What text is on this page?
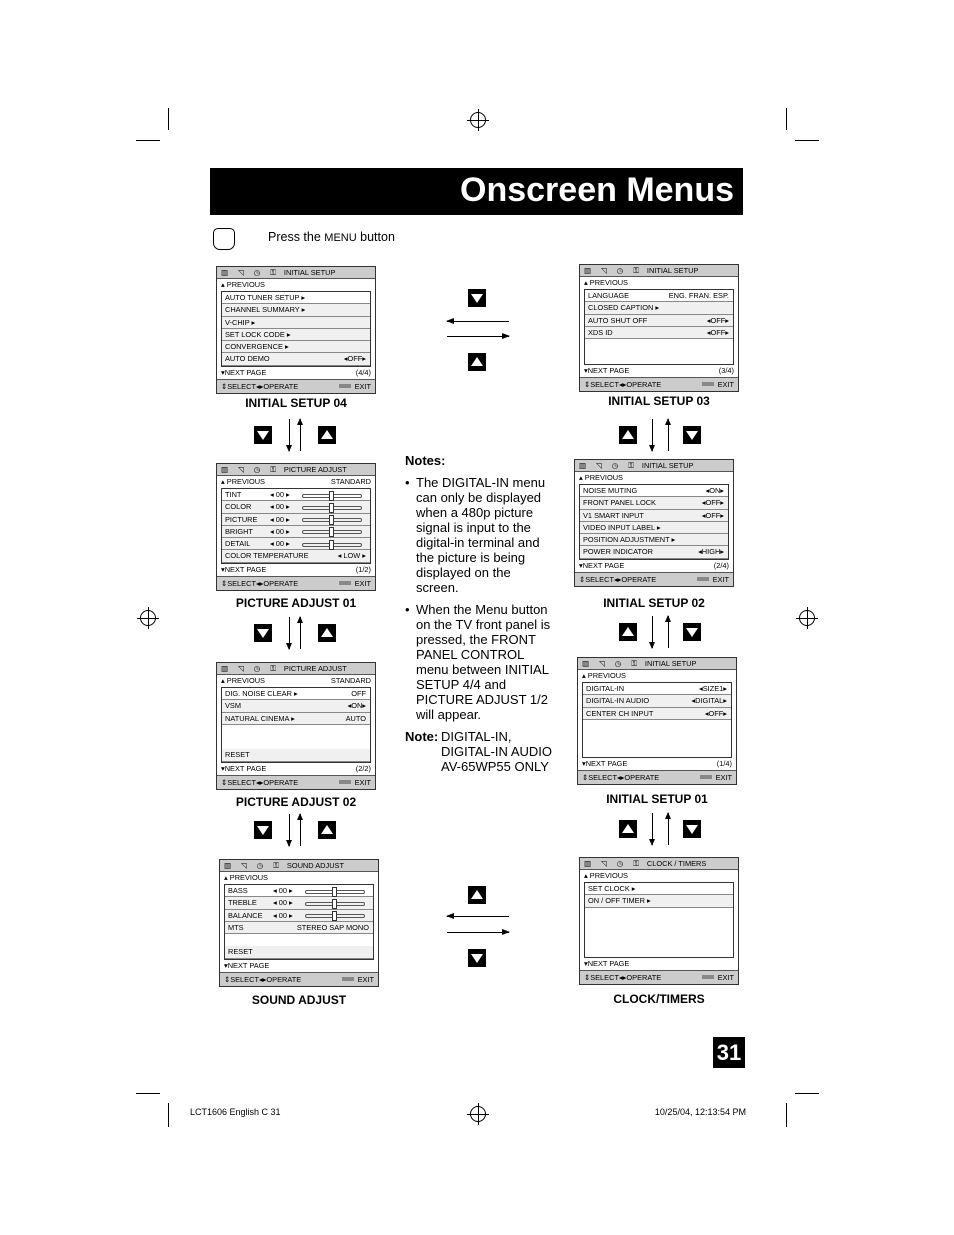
Onscreen Menus
Press the MENU button
▥ ◹ ◷ ⚿ INITIAL SETUP
▴ PREVIOUS
AUTO TUNER SETUP ▸
CHANNEL SUMMARY ▸
V-CHIP ▸
SET LOCK CODE ▸
CONVERGENCE ▸
AUTO DEMO	◂OFF▸
▾NEXT PAGE	(4/4)
⇕SELECT◂▸OPERATE	EXIT
INITIAL SETUP 04
▥ ◹ ◷ ⚿ INITIAL SETUP
▴ PREVIOUS
LANGUAGE	ENG. FRAN. ESP.
CLOSED CAPTION ▸
AUTO SHUT OFF	◂OFF▸
XDS ID	◂OFF▸
▾NEXT PAGE	(3/4)
⇕SELECT◂▸OPERATE	EXIT
INITIAL SETUP 03
▥ ◹ ◷ ⚿ PICTURE ADJUST
▴ PREVIOUS	STANDARD
TINT	◂ 00 ▸
COLOR	◂ 00 ▸
PICTURE ◂ 00 ▸
BRIGHT ◂ 00 ▸
DETAIL	◂ 00 ▸
COLOR TEMPERATURE	◂ LOW ▸
▾NEXT PAGE	(1/2)
⇕SELECT◂▸OPERATE	EXIT
PICTURE ADJUST 01
▥ ◹ ◷ ⚿ INITIAL SETUP
▴ PREVIOUS
NOISE MUTING	◂ON▸
FRONT PANEL LOCK	◂OFF▸
V1 SMART INPUT	◂OFF▸
VIDEO INPUT LABEL ▸
POSITION ADJUSTMENT ▸
POWER INDICATOR	◂HIGH▸
▾NEXT PAGE	(2/4)
⇕SELECT◂▸OPERATE	EXIT
INITIAL SETUP 02
▥ ◹ ◷ ⚿ PICTURE ADJUST
▴ PREVIOUS	STANDARD
DIG. NOISE CLEAR ▸	OFF
VSM	◂ON▸
NATURAL CINEMA ▸	AUTO
RESET
▾NEXT PAGE	(2/2)
⇕SELECT◂▸OPERATE	EXIT
PICTURE ADJUST 02
▥ ◹ ◷ ⚿ INITIAL SETUP
▴ PREVIOUS
DIGITAL-IN	◂SIZE1▸
DIGITAL-IN AUDIO	◂DIGITAL▸
CENTER CH INPUT	◂OFF▸
▾NEXT PAGE	(1/4)
⇕SELECT◂▸OPERATE	EXIT
INITIAL SETUP 01
▥ ◹ ◷ ⚿ SOUND ADJUST
▴ PREVIOUS
BASS	◂ 00 ▸
TREBLE ◂ 00 ▸
BALANCE ◂ 00 ▸
MTS	STEREO SAP MONO
RESET
▾NEXT PAGE
⇕SELECT◂▸OPERATE	EXIT
SOUND ADJUST
▥ ◹ ◷ ⚿ CLOCK / TIMERS
▴ PREVIOUS
SET CLOCK ▸
ON / OFF TIMER ▸
▾NEXT PAGE
⇕SELECT◂▸OPERATE	EXIT
CLOCK/TIMERS
Notes:
• The DIGITAL-IN menu can only be displayed when a 480p picture signal is input to the digital-in terminal and the picture is being displayed on the screen.
• When the Menu button on the TV front panel is pressed, the FRONT PANEL CONTROL menu between INITIAL SETUP 4/4 and PICTURE ADJUST 1/2 will appear.
Note: DIGITAL-IN, DIGITAL-IN AUDIO AV-65WP55 ONLY
31
LCT1606 English C 31	10/25/04, 12:13:54 PM
